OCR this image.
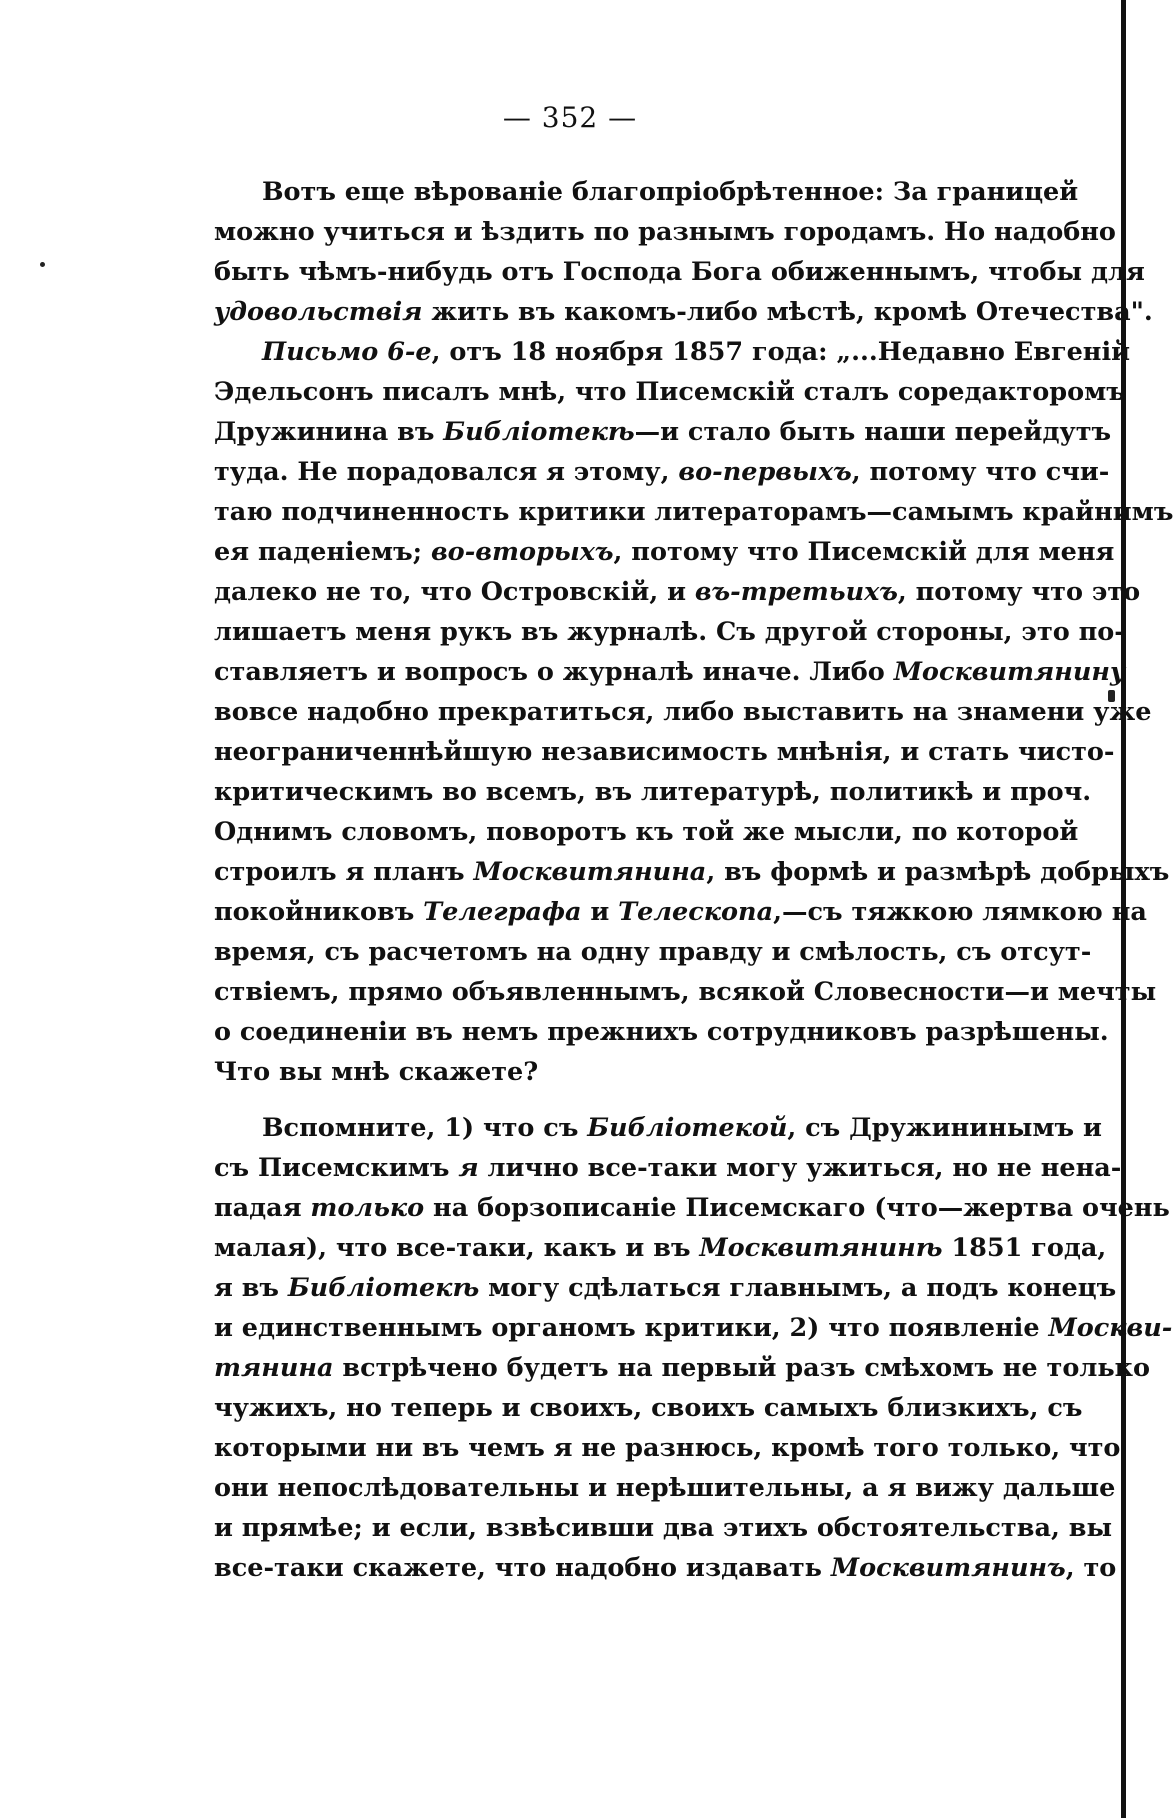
— 352 —
Вотъ еще вѣрованіе благопріобрѣтенное: За границей
можно учиться и ѣздить по разнымъ городамъ. Но надобно
быть чѣмъ-нибудь отъ Господа Бога обиженнымъ, чтобы для
удовольствія жить въ какомъ-либо мѣстѣ, кромѣ Отечества".
Письмо 6-е, отъ 18 ноября 1857 года: „...Недавно Евгеній
Эдельсонъ писалъ мнѣ, что Писемскій сталъ соредакторомъ
Дружинина въ Библіотекѣ—и стало быть наши перейдутъ
туда. Не порадовался я этому, во-первыхъ, потому что счи-
таю подчиненность критики литераторамъ—самымъ крайнимъ
ея паденіемъ; во-вторыхъ, потому что Писемскій для меня
далеко не то, что Островскій, и въ-третьихъ, потому что это
лишаетъ меня рукъ въ журналѣ. Съ другой стороны, это по-
ставляетъ и вопросъ о журналѣ иначе. Либо Москвитянину
вовсе надобно прекратиться, либо выставить на знамени уже
неограниченнѣйшую независимость мнѣнія, и стать чисто-
критическимъ во всемъ, въ литературѣ, политикѣ и проч.
Однимъ словомъ, поворотъ къ той же мысли, по которой
строилъ я планъ Москвитянина, въ формѣ и размѣрѣ добрыхъ
покойниковъ Телеграфа и Телескопа,—съ тяжкою лямкою на
время, съ расчетомъ на одну правду и смѣлость, съ отсут-
ствіемъ, прямо объявленнымъ, всякой Словесности—и мечты
о соединеніи въ немъ прежнихъ сотрудниковъ разрѣшены.
Что вы мнѣ скажете?
Вспомните, 1) что съ Библіотекой, съ Дружининымъ и
съ Писемскимъ я лично все-таки могу ужиться, но не нена-
падая только на борзописаніе Писемскаго (что—жертва очень
малая), что все-таки, какъ и въ Москвитянинѣ 1851 года,
я въ Библіотекѣ могу сдѣлаться главнымъ, а подъ конецъ
и единственнымъ органомъ критики, 2) что появленіе Москви-
тянина встрѣчено будетъ на первый разъ смѣхомъ не только
чужихъ, но теперь и своихъ, своихъ самыхъ близкихъ, съ
которыми ни въ чемъ я не разнюсь, кромѣ того только, что
они непослѣдовательны и нерѣшительны, а я вижу дальше
и прямѣе; и если, взвѣсивши два этихъ обстоятельства, вы
все-таки скажете, что надобно издавать Москвитянинъ, то
